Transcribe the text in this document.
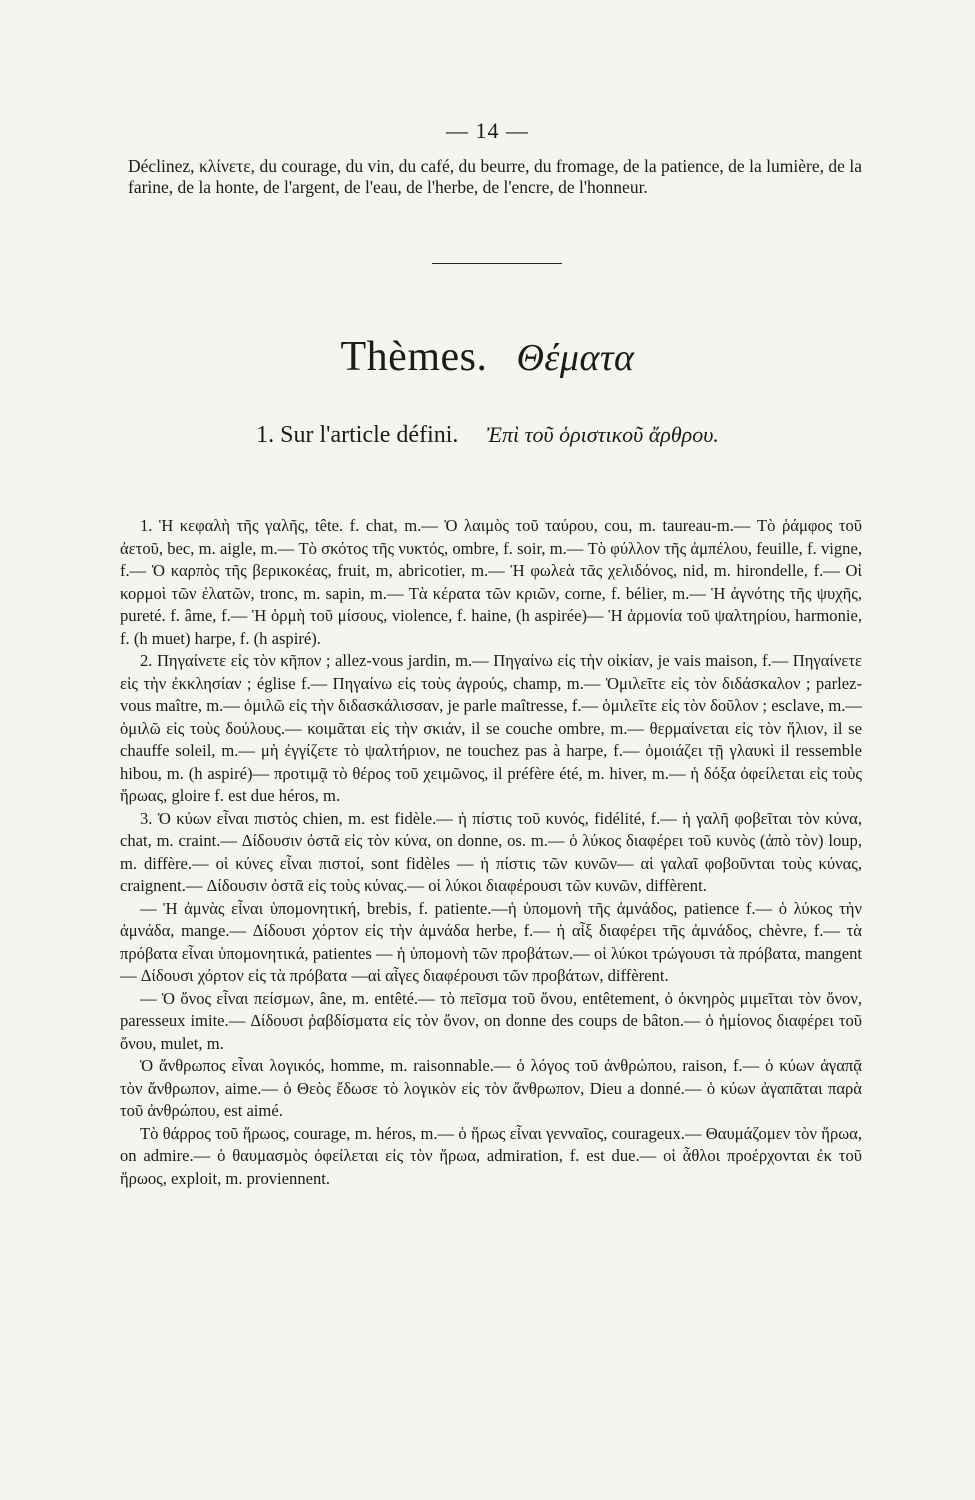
— 14 —
Déclinez, κλίνετε, du courage, du vin, du café, du beurre, du fromage, de la patience, de la lumière, de la farine, de la honte, de l'argent, de l'eau, de l'herbe, de l'encre, de l'honneur.
Thèmes. Θέματα
1. Sur l'article défini. Ἐπὶ τοῦ ὁριστικοῦ ἄρθρου.

1. Ἡ κεφαλὴ τῆς γαλῆς, tête. f. chat, m.— Ὁ λαιμὸς τοῦ ταύρου, cou, m. taureau-m.— Τὸ ῥάμφος τοῦ ἀετοῦ, bec, m. aigle, m.— Τὸ σκότος τῆς νυκτός, ombre, f. soir, m.— Τὸ φύλλον τῆς ἀμπέλου, feuille, f. vigne, f.— Ὁ καρπὸς τῆς βερικοκέας, fruit, m, abricotier, m.— Ἡ φωλεὰ τᾶς χελιδόνος, nid, m. hirondelle, f.— Οἱ κορμοὶ τῶν ἐλατῶν, tronc, m. sapin, m.— Τὰ κέρατα τῶν κριῶν, corne, f. bélier, m.— Ἡ ἁγνότης τῆς ψυχῆς, pureté. f. âme, f.— Ἡ ὁρμὴ τοῦ μίσους, violence, f. haine, (h aspirée)— Ἡ ἁρμονία τοῦ ψαλτηρίου, harmonie, f. (h muet) harpe, f. (h aspiré).

2. Πηγαίνετε εἰς τὸν κῆπον ; allez-vous jardin, m.— Πηγαίνω εἰς τὴν οἰκίαν, je vais maison, f.— Πηγαίνετε εἰς τὴν ἐκκλησίαν ; église f.— Πηγαίνω εἰς τοὺς ἀγρούς, champ, m.— Ὁμιλεῖτε εἰς τὸν διδάσκαλον ; parlez-vous maître, m.— ὁμιλῶ εἰς τὴν διδασκάλισσαν, je parle maîtresse, f.— ὁμιλεῖτε εἰς τὸν δοῦλον ; esclave, m.— ὁμιλῶ εἰς τοὺς δούλους.— κοιμᾶται εἰς τὴν σκιάν, il se couche ombre, m.— θερμαίνεται εἰς τὸν ἥλιον, il se chauffe soleil, m.— μὴ ἐγγίζετε τὸ ψαλτήριον, ne touchez pas à harpe, f.— ὁμοιάζει τῇ γλαυκὶ il ressemble hibou, m. (h aspiré)— προτιμᾷ τὸ θέρος τοῦ χειμῶνος, il préfère été, m. hiver, m.— ἡ δόξα ὀφείλεται εἰς τοὺς ἥρωας, gloire f. est due héros, m.

3. Ὁ κύων εἶναι πιστὸς chien, m. est fidèle.— ἡ πίστις τοῦ κυνός, fidélité, f.— ἡ γαλῆ φοβεῖται τὸν κύνα, chat, m. craint.— Δίδουσιν ὀστᾶ εἰς τὸν κύνα, on donne, os. m.— ὁ λύκος διαφέρει τοῦ κυνὸς (ἀπὸ τὸν) loup, m. diffère.— οἱ κύνες εἶναι πιστοί, sont fidèles — ἡ πίστις τῶν κυνῶν— αἱ γαλαῖ φοβοῦνται τοὺς κύνας, craignent.— Δίδουσιν ὀστᾶ εἰς τοὺς κύνας.— οἱ λύκοι διαφέρουσι τῶν κυνῶν, diffèrent.

— Ἡ ἀμνὰς εἶναι ὑπομονητική, brebis, f. patiente.—ἡ ὑπομονὴ τῆς ἀμνάδος, patience f.— ὁ λύκος τὴν ἀμνάδα, mange.— Δίδουσι χόρτον εἰς τὴν ἀμνάδα herbe, f.— ἡ αἶξ διαφέρει τῆς ἀμνάδος, chèvre, f.— τὰ πρόβατα εἶναι ὑπομονητικά, patientes — ἡ ὑπομονὴ τῶν προβάτων.— οἱ λύκοι τρώγουσι τὰ πρόβατα, mangent— Δίδουσι χόρτον εἰς τὰ πρόβατα —αἱ αἶγες διαφέρουσι τῶν προβάτων, diffèrent.

— Ὁ ὄνος εἶναι πείσμων, âne, m. entêté.— τὸ πεῖσμα τοῦ ὄνου, entêtement, ὁ ὀκνηρὸς μιμεῖται τὸν ὄνον, paresseux imite.— Δίδουσι ῥαβδίσματα εἰς τὸν ὄνον, on donne des coups de bâton.— ὁ ἡμίονος διαφέρει τοῦ ὄνου, mulet, m.

Ὁ ἄνθρωπος εἶναι λογικός, homme, m. raisonnable.— ὁ λόγος τοῦ ἀνθρώπου, raison, f.— ὁ κύων ἀγαπᾷ τὸν ἄνθρωπον, aime.— ὁ Θεὸς ἔδωσε τὸ λογικὸν εἰς τὸν ἄνθρωπον, Dieu a donné.— ὁ κύων ἀγαπᾶται παρὰ τοῦ ἀνθρώπου, est aimé.

Τὸ θάρρος τοῦ ἥρωος, courage, m. héros, m.— ὁ ἥρως εἶναι γενναῖος, courageux.— Θαυμάζομεν τὸν ἥρωα, on admire.— ὁ θαυμασμὸς ὀφείλεται εἰς τὸν ἥρωα, admiration, f. est due.— οἱ ἆθλοι προέρχονται ἐκ τοῦ ἥρωος, exploit, m. proviennent.
